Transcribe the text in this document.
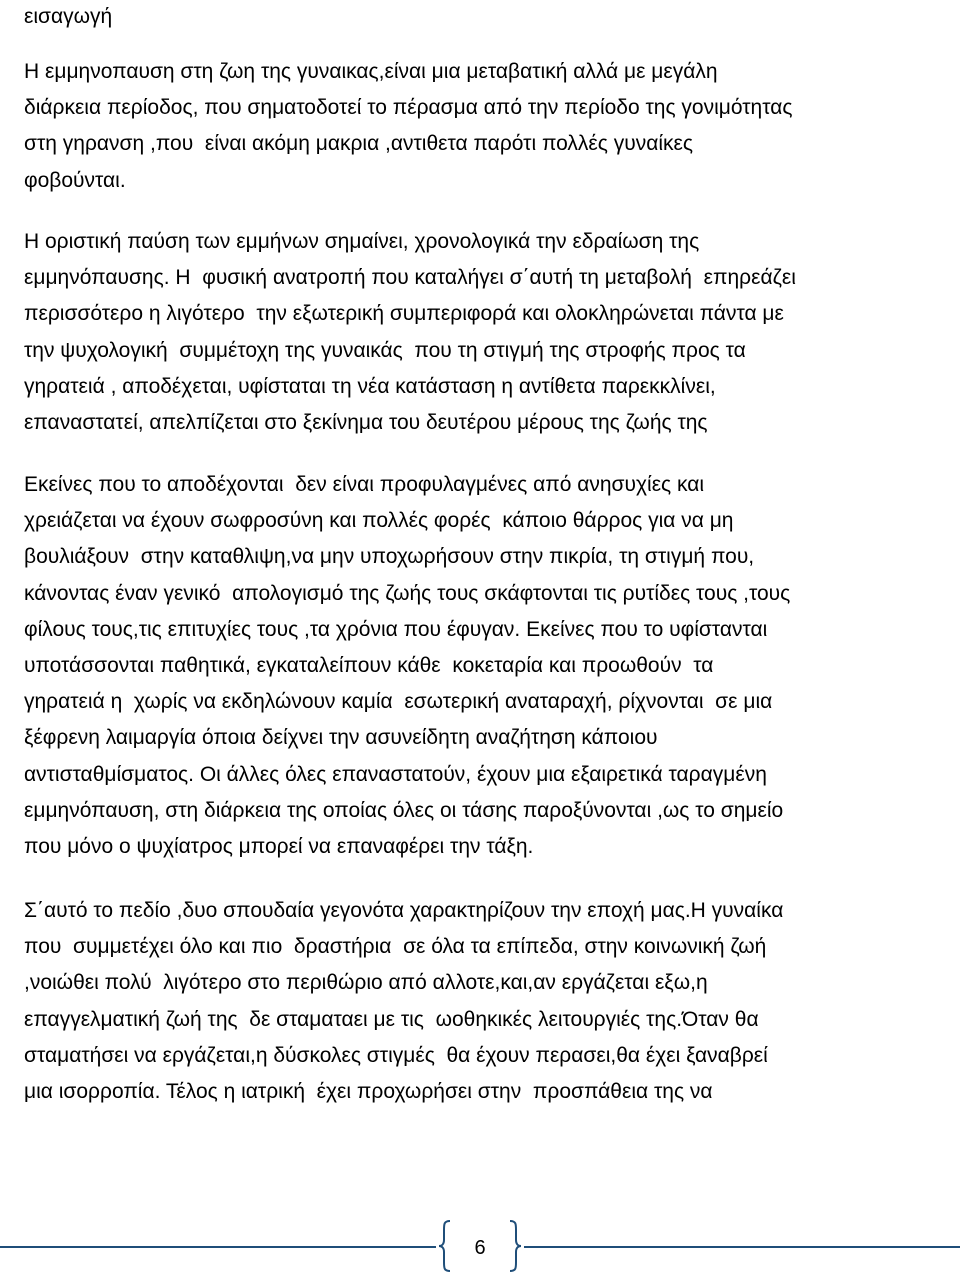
εισαγωγή
Η εμμηνοπαυση στη ζωη της γυναικας,είναι μια μεταβατική αλλά με μεγάλη
διάρκεια περίοδος, που σηματοδοτεί το πέρασμα από την περίοδο της γονιμότητας
στη γηρανση ,που  είναι ακόμη μακρια ,αντιθετα παρότι πολλές γυναίκες
φοβούνται.
Η οριστική παύση των εμμήνων σημαίνει, χρονολογικά την εδραίωση της
εμμηνόπαυσης. Η  φυσική ανατροπή που καταλήγει σ΄αυτή τη μεταβολή  επηρεάζει
περισσότερο η λιγότερο  την εξωτερική συμπεριφορά και ολοκληρώνεται πάντα με
την ψυχολογική  συμμέτοχη της γυναικάς  που τη στιγμή της στροφής προς τα
γηρατειά , αποδέχεται, υφίσταται τη νέα κατάσταση η αντίθετα παρεκκλίνει,
επαναστατεί, απελπίζεται στο ξεκίνημα του δευτέρου μέρους της ζωής της
Εκείνες που το αποδέχονται  δεν είναι προφυλαγμένες από ανησυχίες και
χρειάζεται να έχουν σωφροσύνη και πολλές φορές  κάποιο θάρρος για να μη
βουλιάξουν  στην καταθλιψη,να μην υποχωρήσουν στην πικρία, τη στιγμή που,
κάνοντας έναν γενικό  απολογισμό της ζωής τους σκάφτονται τις ρυτίδες τους ,τους
φίλους τους,τις επιτυχίες τους ,τα χρόνια που έφυγαν. Εκείνες που το υφίστανται
υποτάσσονται παθητικά, εγκαταλείπουν κάθε  κοκεταρία και προωθούν  τα
γηρατειά η  χωρίς να εκδηλώνουν καμία  εσωτερική αναταραχή, ρίχνονται  σε μια
ξέφρενη λαιμαργία όποια δείχνει την ασυνείδητη αναζήτηση κάποιου
αντισταθμίσματος. Οι άλλες όλες επαναστατούν, έχουν μια εξαιρετικά ταραγμένη
εμμηνόπαυση, στη διάρκεια της οποίας όλες οι τάσης παροξύνονται ,ως το σημείο
που μόνο ο ψυχίατρος μπορεί να επαναφέρει την τάξη.
Σ΄αυτό το πεδίο ,δυο σπουδαία γεγονότα χαρακτηρίζουν την εποχή μας.Η γυναίκα
που  συμμετέχει όλο και πιο  δραστήρια  σε όλα τα επίπεδα, στην κοινωνική ζωή
,νοιώθει πολύ  λιγότερο στο περιθώριο από αλλοτε,και,αν εργάζεται εξω,η
επαγγελματική ζωή της  δε σταματαει με τις  ωοθηκικές λειτουργιές της.Όταν θα
σταματήσει να εργάζεται,η δύσκολες στιγμές  θα έχουν περασει,θα έχει ξαναβρεί
μια ισορροπία. Τέλος η ιατρική  έχει προχωρήσει στην  προσπάθεια της να
6
